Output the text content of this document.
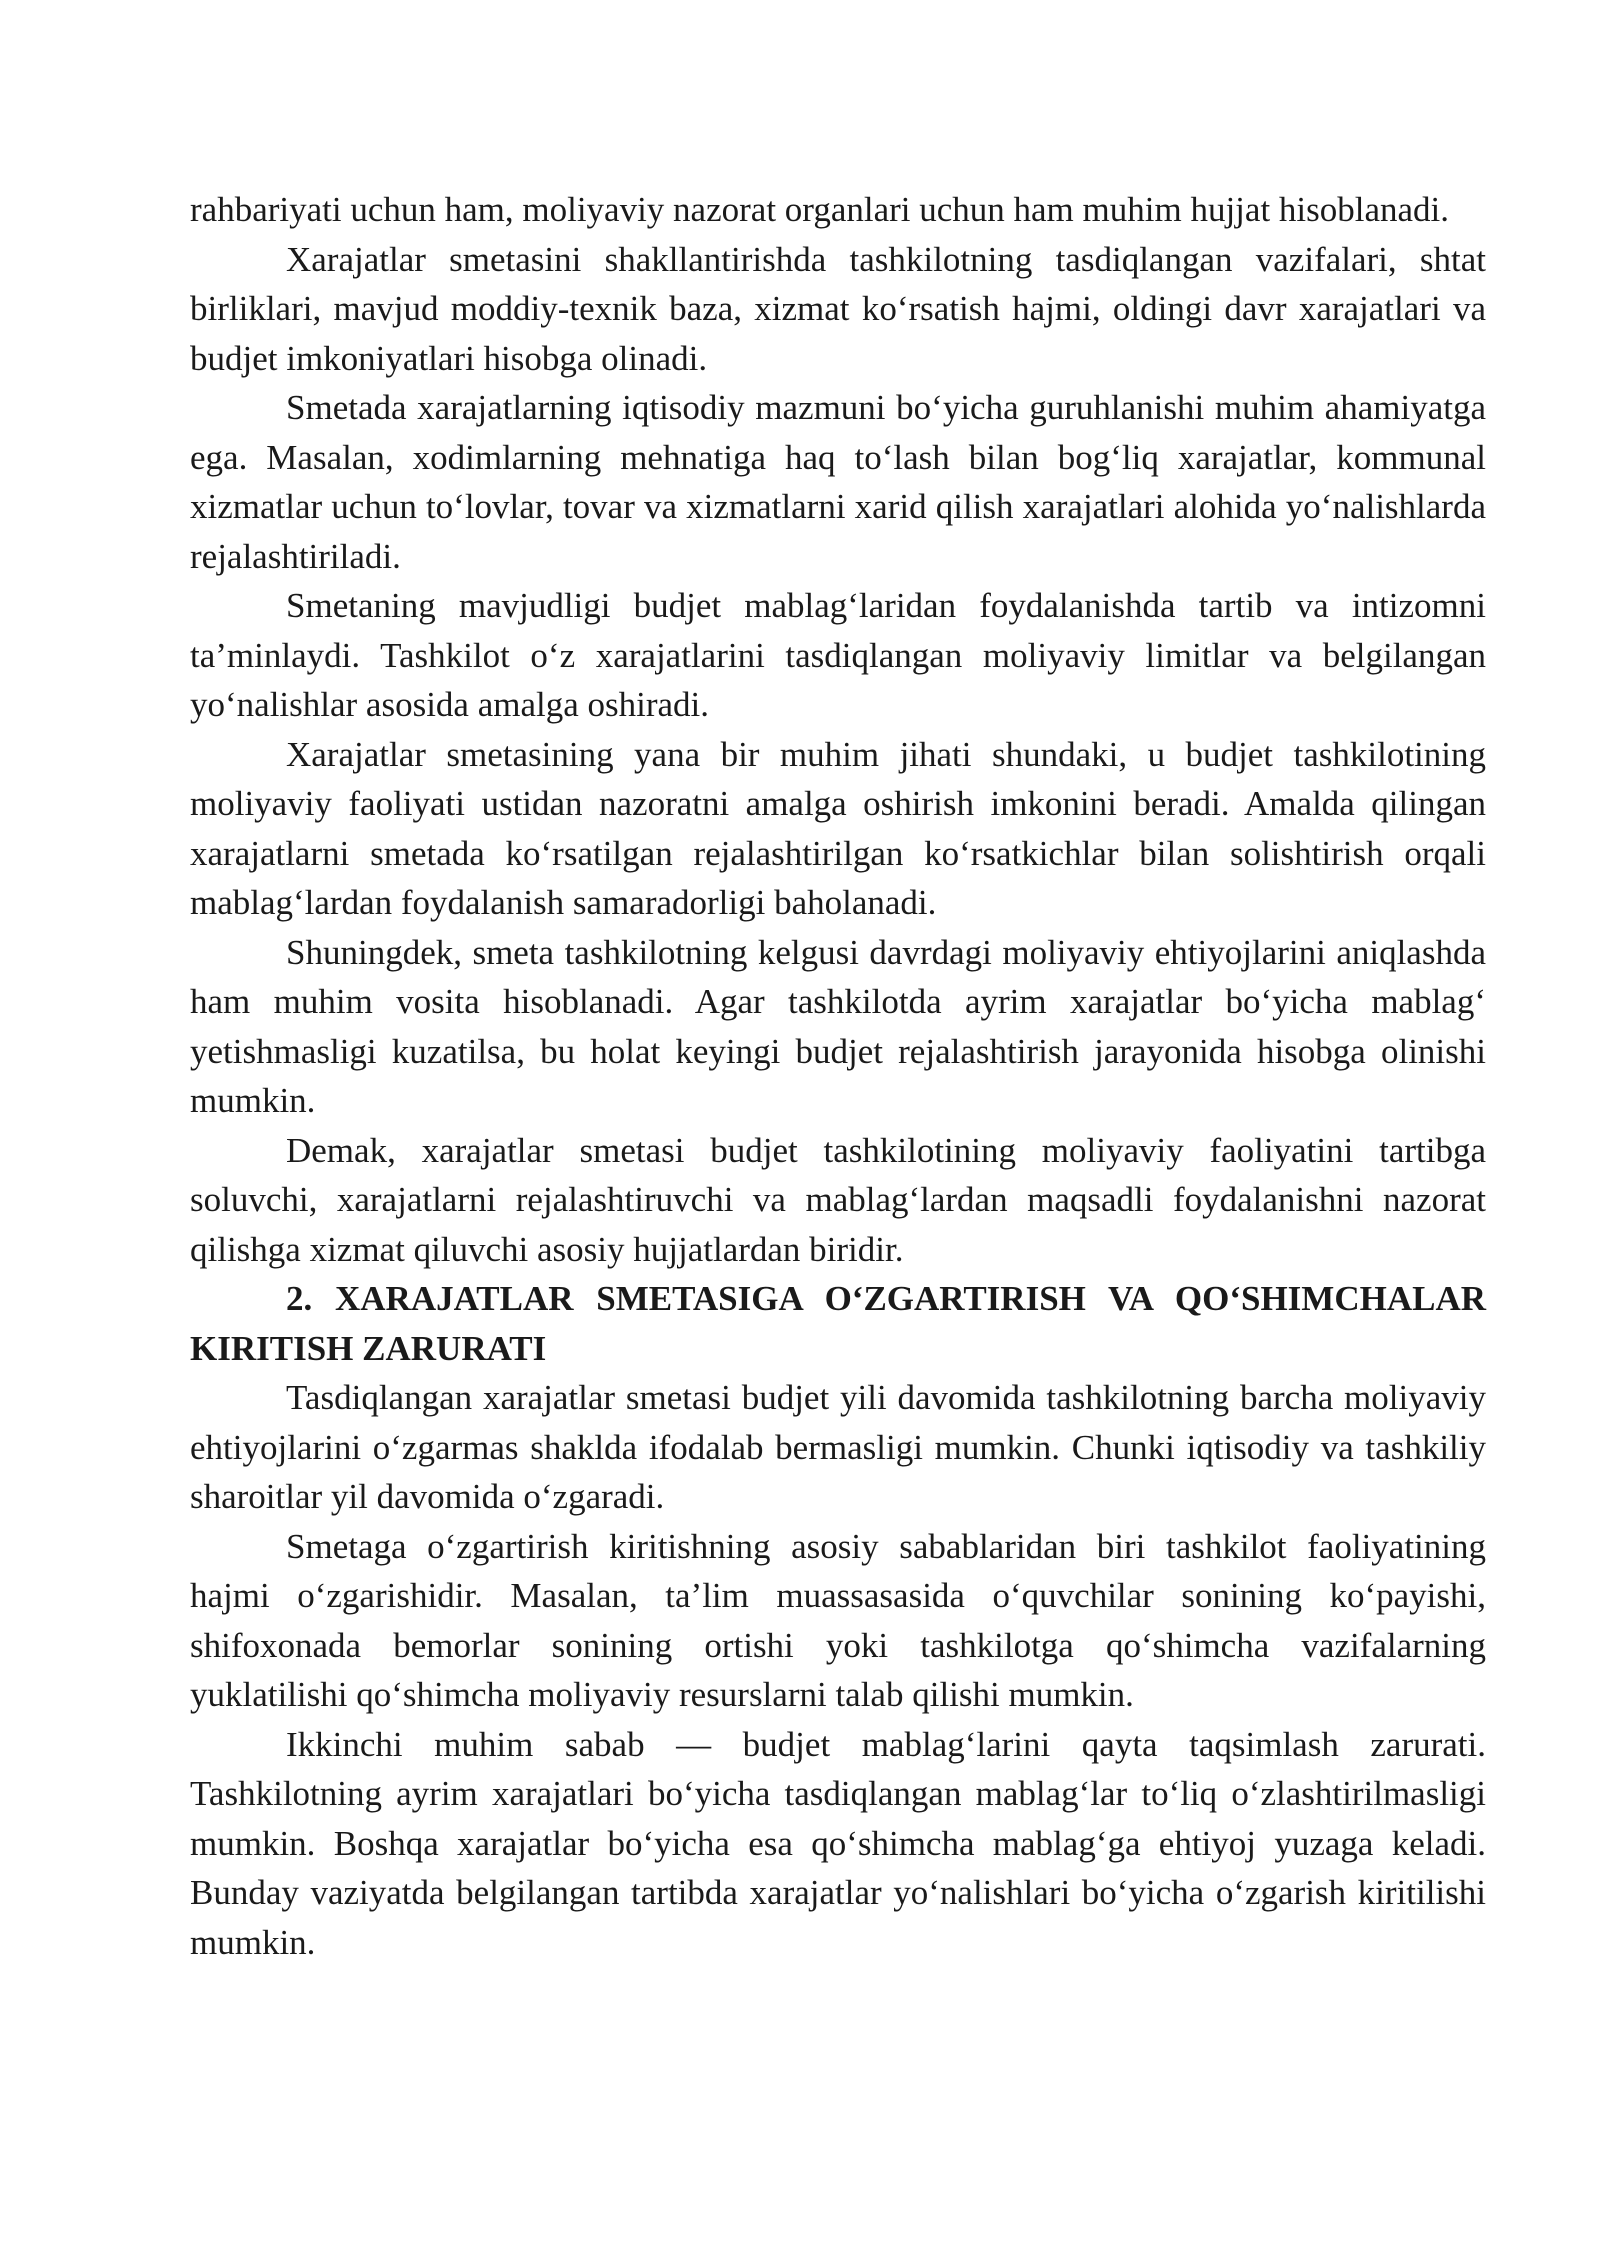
rahbariyati uchun ham, moliyaviy nazorat organlari uchun ham muhim hujjat hisoblanadi.

Xarajatlar smetasini shakllantirishda tashkilotning tasdiqlangan vazifalari, shtat birliklari, mavjud moddiy-texnik baza, xizmat ko‘rsatish hajmi, oldingi davr xarajatlari va budjet imkoniyatlari hisobga olinadi.

Smetada xarajatlarning iqtisodiy mazmuni bo‘yicha guruhlanishi muhim ahamiyatga ega. Masalan, xodimlarning mehnatiga haq to‘lash bilan bog‘liq xarajatlar, kommunal xizmatlar uchun to‘lovlar, tovar va xizmatlarni xarid qilish xarajatlari alohida yo‘nalishlarda rejalashtiriladi.

Smetaning mavjudligi budjet mablag‘laridan foydalanishda tartib va intizomni ta’minlaydi. Tashkilot o‘z xarajatlarini tasdiqlangan moliyaviy limitlar va belgilangan yo‘nalishlar asosida amalga oshiradi.

Xarajatlar smetasining yana bir muhim jihati shundaki, u budjet tashkilotining moliyaviy faoliyati ustidan nazoratni amalga oshirish imkonini beradi. Amalda qilingan xarajatlarni smetada ko‘rsatilgan rejalashtirilgan ko‘rsatkichlar bilan solishtirish orqali mablag‘lardan foydalanish samaradorligi baholanadi.

Shuningdek, smeta tashkilotning kelgusi davrdagi moliyaviy ehtiyojlarini aniqlashda ham muhim vosita hisoblanadi. Agar tashkilotda ayrim xarajatlar bo‘yicha mablag‘ yetishmasligi kuzatilsa, bu holat keyingi budjet rejalashtirish jarayonida hisobga olinishi mumkin.

Demak, xarajatlar smetasi budjet tashkilotining moliyaviy faoliyatini tartibga soluvchi, xarajatlarni rejalashtiruvchi va mablag‘lardan maqsadli foydalanishni nazorat qilishga xizmat qiluvchi asosiy hujjatlardan biridir.

2. XARAJATLAR SMETASIGA O‘ZGARTIRISH VA QO‘SHIMCHALAR KIRITISH ZARURATI

Tasdiqlangan xarajatlar smetasi budjet yili davomida tashkilotning barcha moliyaviy ehtiyojlarini o‘zgarmas shaklda ifodalab bermasligi mumkin. Chunki iqtisodiy va tashkiliy sharoitlar yil davomida o‘zgaradi.

Smetaga o‘zgartirish kiritishning asosiy sabablaridan biri tashkilot faoliyatining hajmi o‘zgarishidir. Masalan, ta’lim muassasasida o‘quvchilar sonining ko‘payishi, shifoxonada bemorlar sonining ortishi yoki tashkilotga qo‘shimcha vazifalarning yuklatilishi qo‘shimcha moliyaviy resurslarni talab qilishi mumkin.

Ikkinchi muhim sabab — budjet mablag‘larini qayta taqsimlash zarurati. Tashkilotning ayrim xarajatlari bo‘yicha tasdiqlangan mablag‘lar to‘liq o‘zlashtirilmasligi mumkin. Boshqa xarajatlar bo‘yicha esa qo‘shimcha mablag‘ga ehtiyoj yuzaga keladi. Bunday vaziyatda belgilangan tartibda xarajatlar yo‘nalishlari bo‘yicha o‘zgarish kiritilishi mumkin.
